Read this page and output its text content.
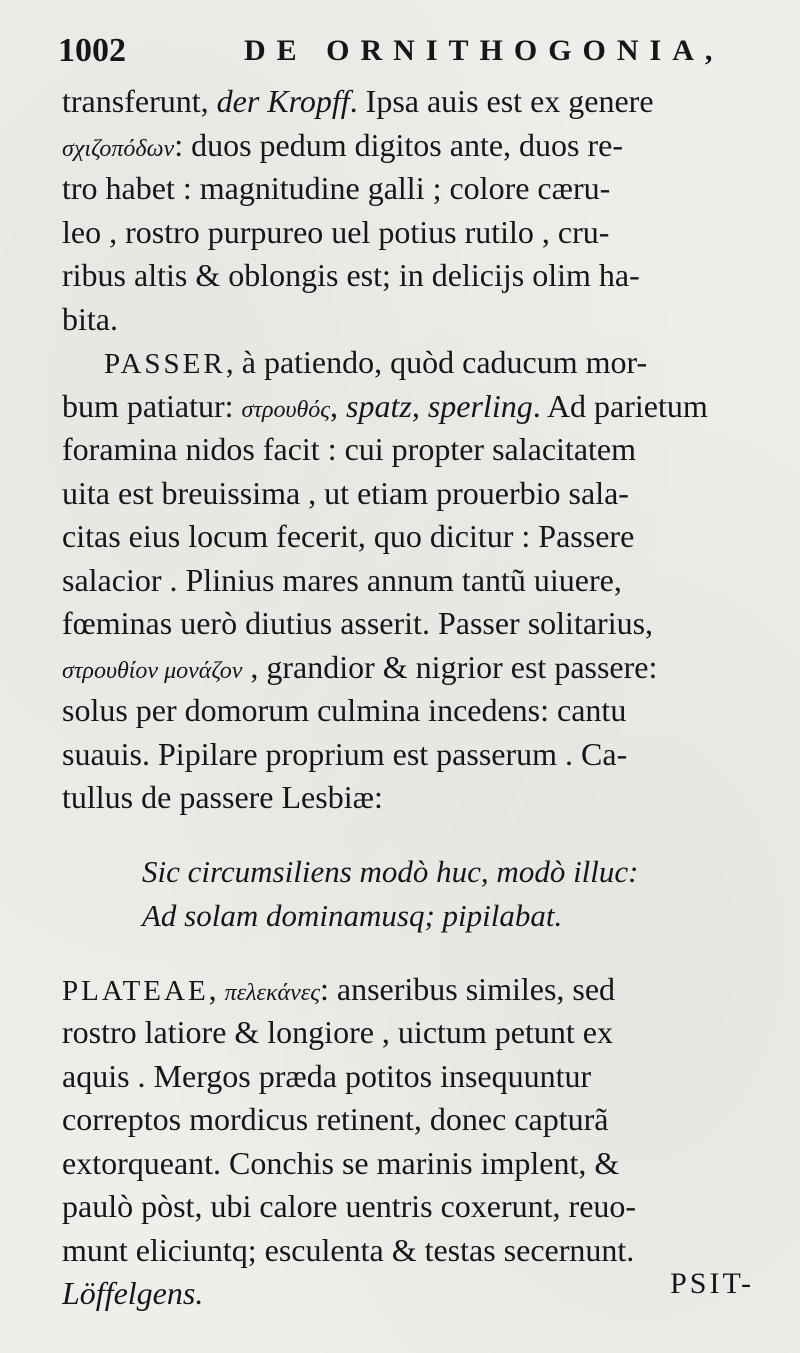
1002	DE ORNITHOGONIA,
transferunt, der Kropff. Ipsa auis est ex genere
σχιζοπόδων: duos pedum digitos ante, duos re-
tro habet : magnitudine galli ; colore cæru-
leo , rostro purpureo uel potius rutilo , cru-
ribus altis & oblongis est; in delicijs olim ha-
bita.
PASSER, à patiendo, quòd caducum mor-
bum patiatur: στρουθός, spatz, sperling. Ad parietum
foramina nidos facit : cui propter salacitatem
uita est breuissima , ut etiam prouerbio sala-
citas eius locum fecerit, quo dicitur : Passere
salacior . Plinius mares annum tantũ uiuere,
fœminas uerò diutius asserit. Passer solitarius,
στρουθίον μονάζον , grandior & nigrior est passere:
solus per domorum culmina incedens: cantu
suauis. Pipilare proprium est passerum . Ca-
tullus de passere Lesbiæ:
Sic circumsiliens modò huc, modò illuc:
Ad solam dominamusq; pipilabat.
PLATEAE, πελεκάνες: anseribus similes, sed
rostro latiore & longiore , uictum petunt ex
aquis . Mergos præda potitos insequuntur
correptos mordicus retinent, donec capturã
extorqueant. Conchis se marinis implent, &
paulò pòst, ubi calore uentris coxerunt, reuo-
munt eliciuntq; esculenta & testas secernunt.
Löffelgens.	PSIT-
